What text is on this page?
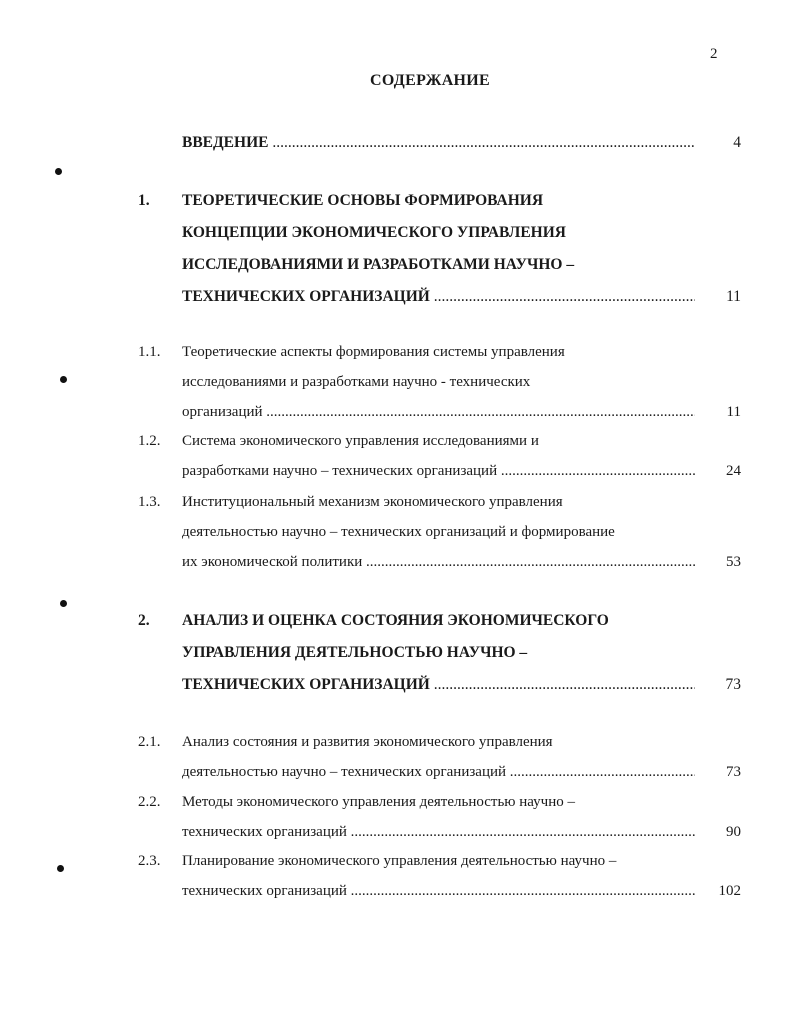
2
СОДЕРЖАНИЕ
ВВЕДЕНИЕ .....	4
1. ТЕОРЕТИЧЕСКИЕ ОСНОВЫ ФОРМИРОВАНИЯ
КОНЦЕПЦИИ ЭКОНОМИЧЕСКОГО УПРАВЛЕНИЯ
ИССЛЕДОВАНИЯМИ И РАЗРАБОТКАМИ НАУЧНО –
ТЕХНИЧЕСКИХ ОРГАНИЗАЦИЙ .....	11
1.1. Теоретические аспекты формирования системы управления
исследованиями и разработками научно - технических
организаций .....	11
1.2. Система экономического управления исследованиями и
разработками научно – технических организаций .....	24
1.3. Институциональный механизм экономического управления
деятельностью научно – технических организаций и формирование
их экономической политики .....	53
2. АНАЛИЗ И ОЦЕНКА СОСТОЯНИЯ ЭКОНОМИЧЕСКОГО
УПРАВЛЕНИЯ ДЕЯТЕЛЬНОСТЬЮ НАУЧНО –
ТЕХНИЧЕСКИХ ОРГАНИЗАЦИЙ .....	73
2.1. Анализ состояния и развития экономического управления
деятельностью научно – технических организаций .....	73
2.2. Методы экономического управления деятельностью научно –
технических организаций .....	90
2.3. Планирование экономического управления деятельностью научно –
технических организаций .....	102
